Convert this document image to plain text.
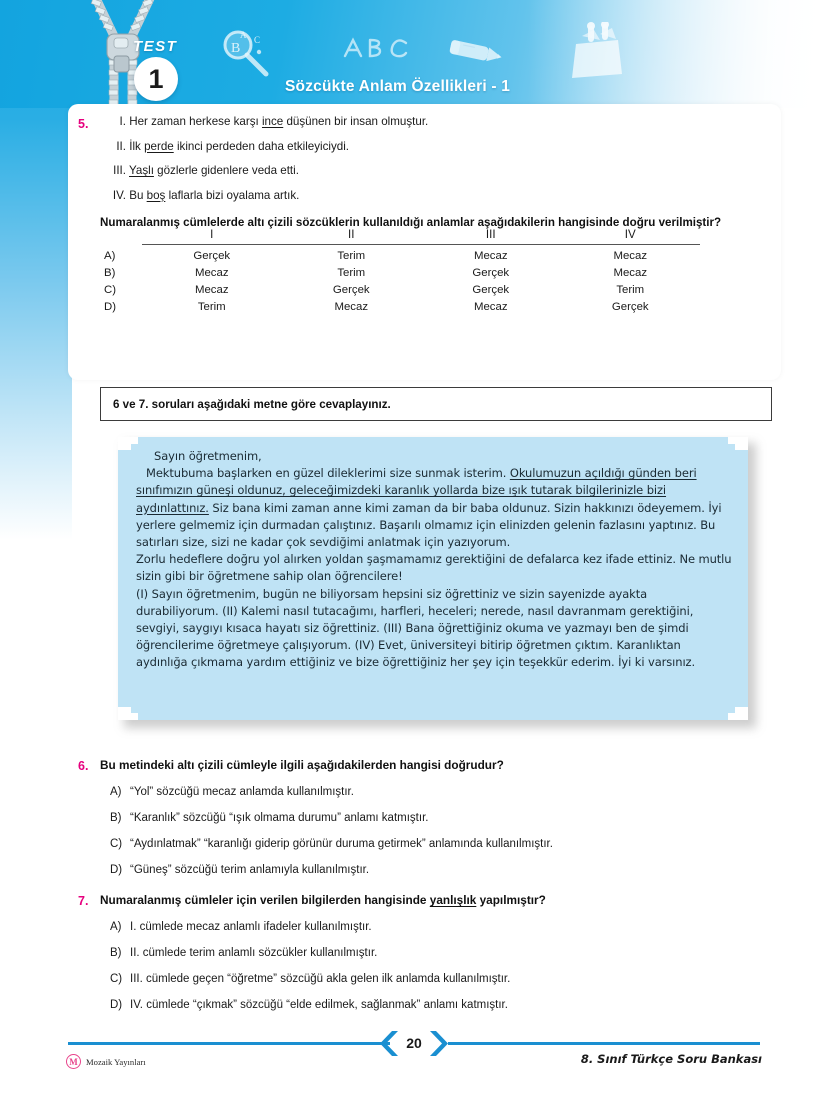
TEST
1
A C
B
Sözcükte Anlam Özellikleri - 1
5.	I. Her zaman herkese karşı ince düşünen bir insan olmuştur.
II. İlk perde ikinci perdeden daha etkileyiciydi.
III. Yaşlı gözlerle gidenlere veda etti.
IV. Bu boş laflarla bizi oyalama artık.
Numaralanmış cümlelerde altı çizili sözcüklerin kullanıldığı anlamlar aşağıdakilerin hangisinde doğru verilmiştir?
	I	II	III	IV

A)	Gerçek	Terim	Mecaz	Mecaz
B)	Mecaz	Terim	Gerçek	Mecaz
C)	Mecaz	Gerçek	Gerçek	Terim
D)	Terim	Mecaz	Mecaz	Gerçek
6 ve 7. soruları aşağıdaki metne göre cevaplayınız.

Sayın öğretmenim,

Mektubuma başlarken en güzel dileklerimi size sunmak isterim. Okulumuzun açıldığı günden beri sınıfımızın güneşi oldunuz, geleceğimizdeki karanlık yollarda bize ışık tutarak bilgilerinizle bizi aydınlattınız. Siz bana kimi zaman anne kimi zaman da bir baba oldunuz. Sizin hakkınızı ödeyemem. İyi yerlere gelmemiz için durmadan çalıştınız. Başarılı olmamız için elinizden gelenin fazlasını yaptınız. Bu satırları size, sizi ne kadar çok sevdiğimi anlatmak için yazıyorum.

Zorlu hedeflere doğru yol alırken yoldan şaşmamamız gerektiğini de defalarca kez ifade ettiniz. Ne mutlu sizin gibi bir öğretmene sahip olan öğrencilere!

(I) Sayın öğretmenim, bugün ne biliyorsam hepsini siz öğrettiniz ve sizin sayenizde ayakta durabiliyorum. (II) Kalemi nasıl tutacağımı, harfleri, heceleri; nerede, nasıl davranmam gerektiğini, sevgiyi, saygıyı kısaca hayatı siz öğrettiniz. (III) Bana öğrettiğiniz okuma ve yazmayı ben de şimdi öğrencilerime öğretmeye çalışıyorum. (IV) Evet, üniversiteyi bitirip öğretmen çıktım. Karanlıktan aydınlığa çıkmama yardım ettiğiniz ve bize öğrettiğiniz her şey için teşekkür ederim. İyi ki varsınız.

6. Bu metindeki altı çizili cümleyle ilgili aşağıdakilerden hangisi doğrudur?
A) “Yol” sözcüğü mecaz anlamda kullanılmıştır.
B) “Karanlık” sözcüğü “ışık olmama durumu” anlamı katmıştır.
C) “Aydınlatmak” “karanlığı giderip görünür duruma getirmek” anlamında kullanılmıştır.
D) “Güneş” sözcüğü terim anlamıyla kullanılmıştır.
7. Numaralanmış cümleler için verilen bilgilerden hangisinde yanlışlık yapılmıştır?
A) I. cümlede mecaz anlamlı ifadeler kullanılmıştır.
B) II. cümlede terim anlamlı sözcükler kullanılmıştır.
C) III. cümlede geçen “öğretme” sözcüğü akla gelen ilk anlamda kullanılmıştır.
D) IV. cümlede “çıkmak” sözcüğü “elde edilmek, sağlanmak” anlamı katmıştır.
20
M Mozaik Yayınları	8. Sınıf Türkçe Soru Bankası
